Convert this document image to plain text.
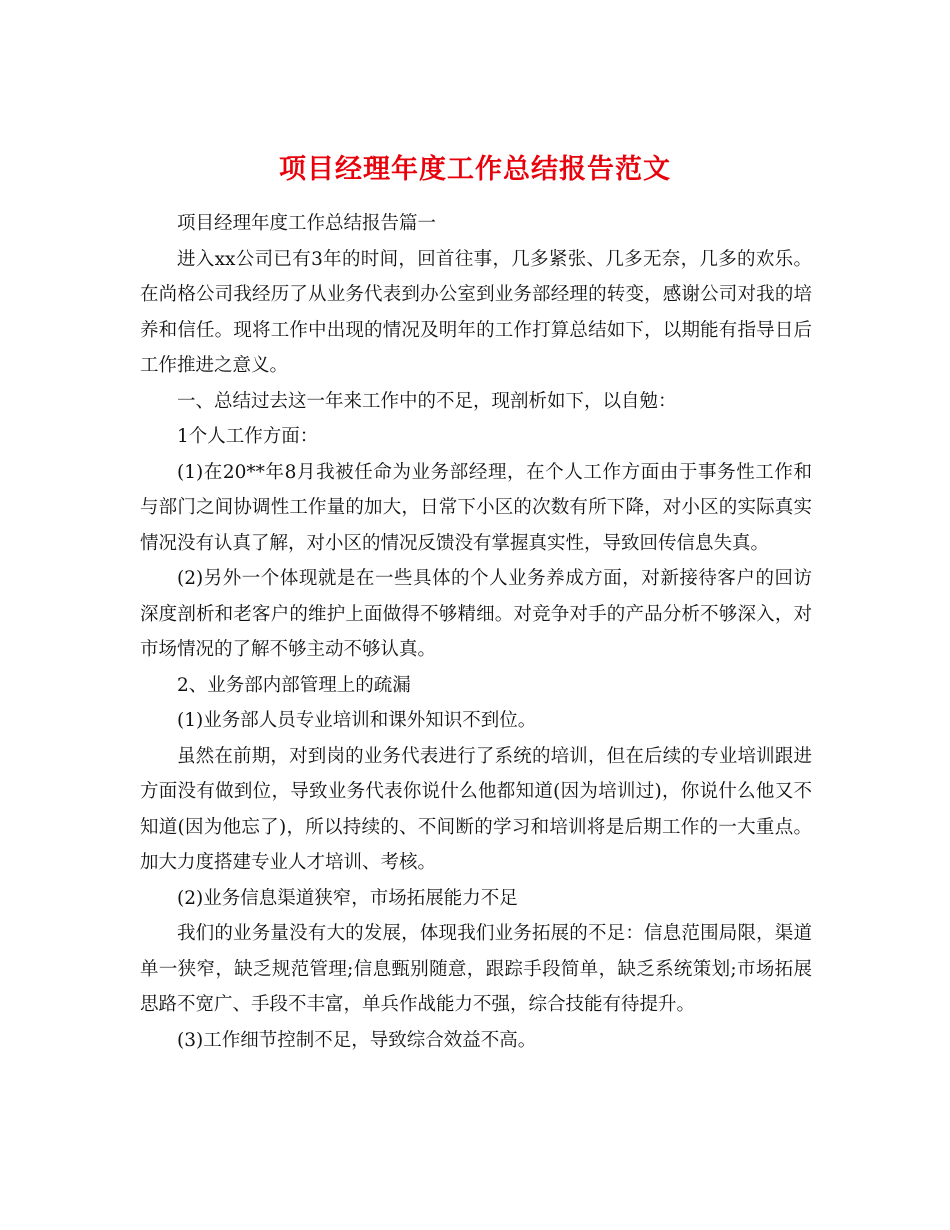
项目经理年度工作总结报告范文

项目经理年度工作总结报告篇一

进入xx公司已有3年的时间，回首往事，几多紧张、几多无奈，几多的欢乐。在尚格公司我经历了从业务代表到办公室到业务部经理的转变，感谢公司对我的培养和信任。现将工作中出现的情况及明年的工作打算总结如下，以期能有指导日后工作推进之意义。

一、总结过去这一年来工作中的不足，现剖析如下，以自勉：

1个人工作方面：

(1)在20**年8月我被任命为业务部经理，在个人工作方面由于事务性工作和与部门之间协调性工作量的加大，日常下小区的次数有所下降，对小区的实际真实情况没有认真了解，对小区的情况反馈没有掌握真实性，导致回传信息失真。

(2)另外一个体现就是在一些具体的个人业务养成方面，对新接待客户的回访深度剖析和老客户的维护上面做得不够精细。对竞争对手的产品分析不够深入，对市场情况的了解不够主动不够认真。

2、业务部内部管理上的疏漏

(1)业务部人员专业培训和课外知识不到位。

虽然在前期，对到岗的业务代表进行了系统的培训，但在后续的专业培训跟进方面没有做到位，导致业务代表你说什么他都知道(因为培训过)，你说什么他又不知道(因为他忘了)，所以持续的、不间断的学习和培训将是后期工作的一大重点。加大力度搭建专业人才培训、考核。

(2)业务信息渠道狭窄，市场拓展能力不足

我们的业务量没有大的发展，体现我们业务拓展的不足：信息范围局限，渠道单一狭窄，缺乏规范管理;信息甄别随意，跟踪手段简单，缺乏系统策划;市场拓展思路不宽广、手段不丰富，单兵作战能力不强，综合技能有待提升。

(3)工作细节控制不足，导致综合效益不高。
